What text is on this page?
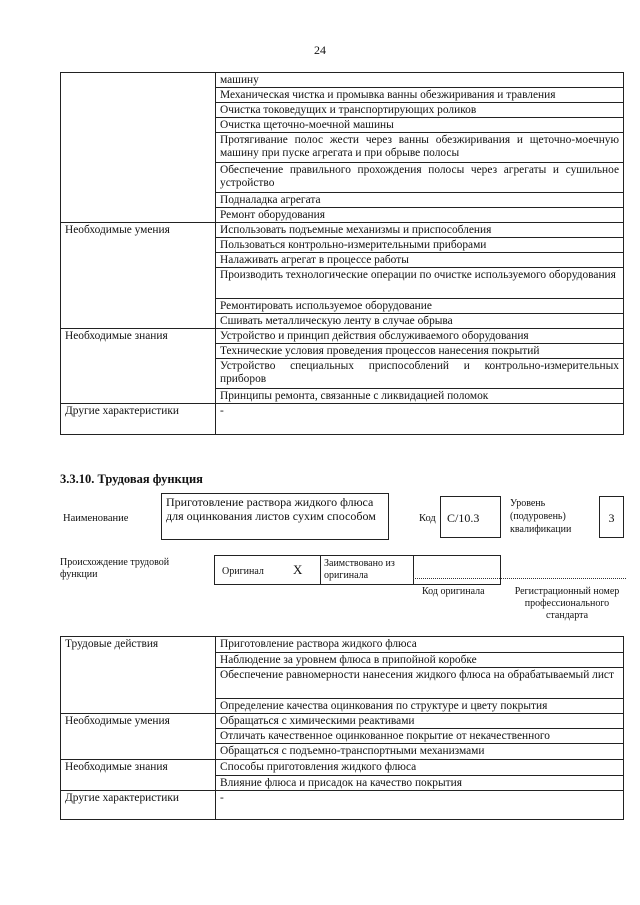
24
	машину
	Механическая чистка и промывка ванны обезжиривания и травления
	Очистка токоведущих и транспортирующих роликов
	Очистка щеточно-моечной машины
	Протягивание полос жести через ванны обезжиривания и щеточно-моечную машину при пуске агрегата и при обрыве полосы
	Обеспечение правильного прохождения полосы через агрегаты и сушильное устройство
	Подналадка агрегата
	Ремонт оборудования
Необходимые умения	Использовать подъемные механизмы и приспособления
	Пользоваться контрольно-измерительными приборами
	Налаживать агрегат в процессе работы
	Производить технологические операции по очистке используемого оборудования
	Ремонтировать используемое оборудование
	Сшивать металлическую ленту в случае обрыва
Необходимые знания	Устройство и принцип действия обслуживаемого оборудования
	Технические условия проведения процессов нанесения покрытий
	Устройство специальных приспособлений и контрольно-измерительных приборов
	Принципы ремонта, связанные с ликвидацией поломок
Другие характеристики	-
3.3.10. Трудовая функция
Наименование
Приготовление раствора жидкого флюса для оцинкования листов сухим способом	Код C/10.3
Уровень (подуровень) квалификации
3
Происхождение трудовой функции	Оригинал X Заимствовано из оригинала
Код оригинала	Регистрационный номер профессионального стандарта
Трудовые действия	Приготовление раствора жидкого флюса
	Наблюдение за уровнем флюса в припойной коробке
	Обеспечение равномерности нанесения жидкого флюса на обрабатываемый лист
	Определение качества оцинкования по структуре и цвету покрытия
Необходимые умения	Обращаться с химическими реактивами
	Отличать качественное оцинкованное покрытие от некачественного
	Обращаться с подъемно-транспортными механизмами
Необходимые знания	Способы приготовления жидкого флюса
	Влияние флюса и присадок на качество покрытия
Другие характеристики	-
